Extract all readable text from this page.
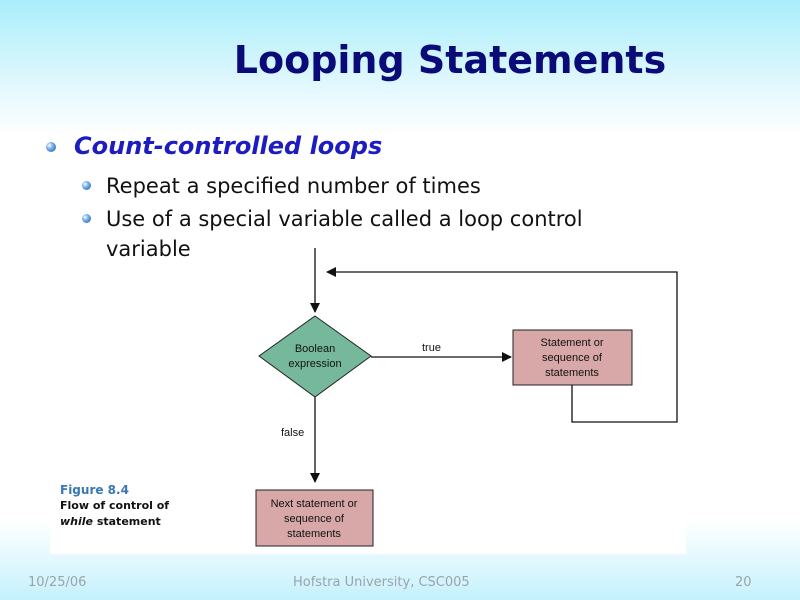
Looping Statements
Count-controlled loops
Repeat a specified number of times
Use of a special variable called a loop control variable
Boolean
expression
true	Statement or
sequence of
statements
false
Next statement or
sequence of
statements
Figure 8.4
Flow of control of
while statement
10/25/06	Hofstra University, CSC005	20
